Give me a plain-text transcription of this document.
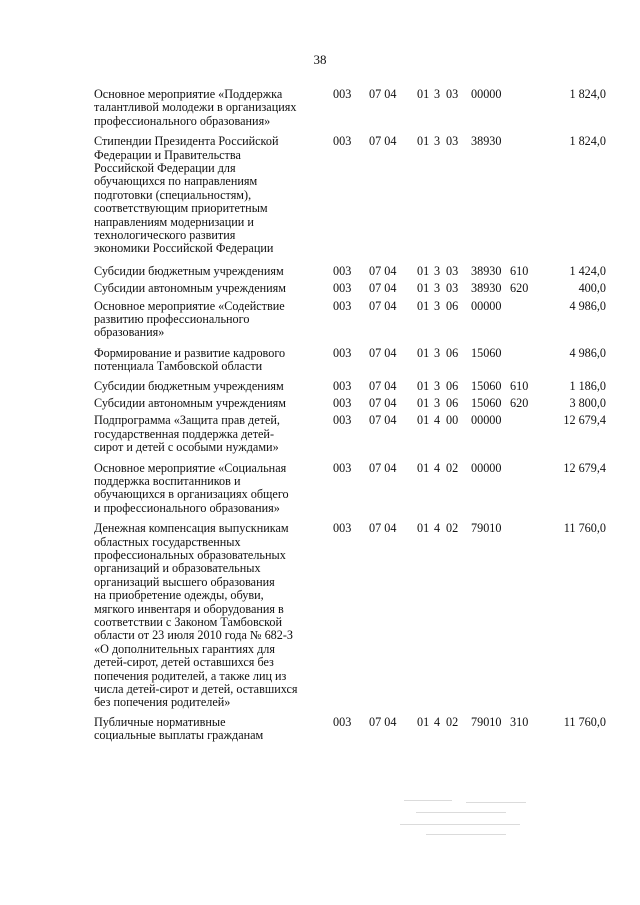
38
Основное мероприятие «Поддержка
талантливой молодежи в организациях
профессионального образования»
003 07 04 01 3 03 00000	1 824,0
Стипендии Президента Российской
Федерации и Правительства
Российской Федерации для
обучающихся по направлениям
подготовки (специальностям),
соответствующим приоритетным
направлениям модернизации и
технологического развития
экономики Российской Федерации
003 07 04 01 3 03 38930	1 824,0
Субсидии бюджетным учреждениям	003 07 04 01 3 03 38930 610	1 424,0
Субсидии автономным учреждениям	003 07 04 01 3 03 38930 620	400,0
Основное мероприятие «Содействие
развитию профессионального
образования»
003 07 04 01 3 06 00000	4 986,0
Формирование и развитие кадрового
потенциала Тамбовской области
003 07 04 01 3 06 15060	4 986,0
Субсидии бюджетным учреждениям	003 07 04 01 3 06 15060 610	1 186,0
Субсидии автономным учреждениям	003 07 04 01 3 06 15060 620	3 800,0
Подпрограмма «Защита прав детей,
государственная поддержка детей-
сирот и детей с особыми нуждами»
003 07 04 01 4 00 00000	12 679,4
Основное мероприятие «Социальная
поддержка воспитанников и
обучающихся в организациях общего
и профессионального образования»
003 07 04 01 4 02 00000	12 679,4
Денежная компенсация выпускникам
областных государственных
профессиональных образовательных
организаций и образовательных
организаций высшего образования
на приобретение одежды, обуви,
мягкого инвентаря и оборудования в
соответствии с Законом Тамбовской
области от 23 июля 2010 года № 682-З
«О дополнительных гарантиях для
детей-сирот, детей оставшихся без
попечения родителей, а также лиц из
числа детей-сирот и детей, оставшихся
без попечения родителей»
003 07 04 01 4 02 79010	11 760,0
Публичные нормативные
социальные выплаты гражданам
003 07 04 01 4 02 79010 310	11 760,0
